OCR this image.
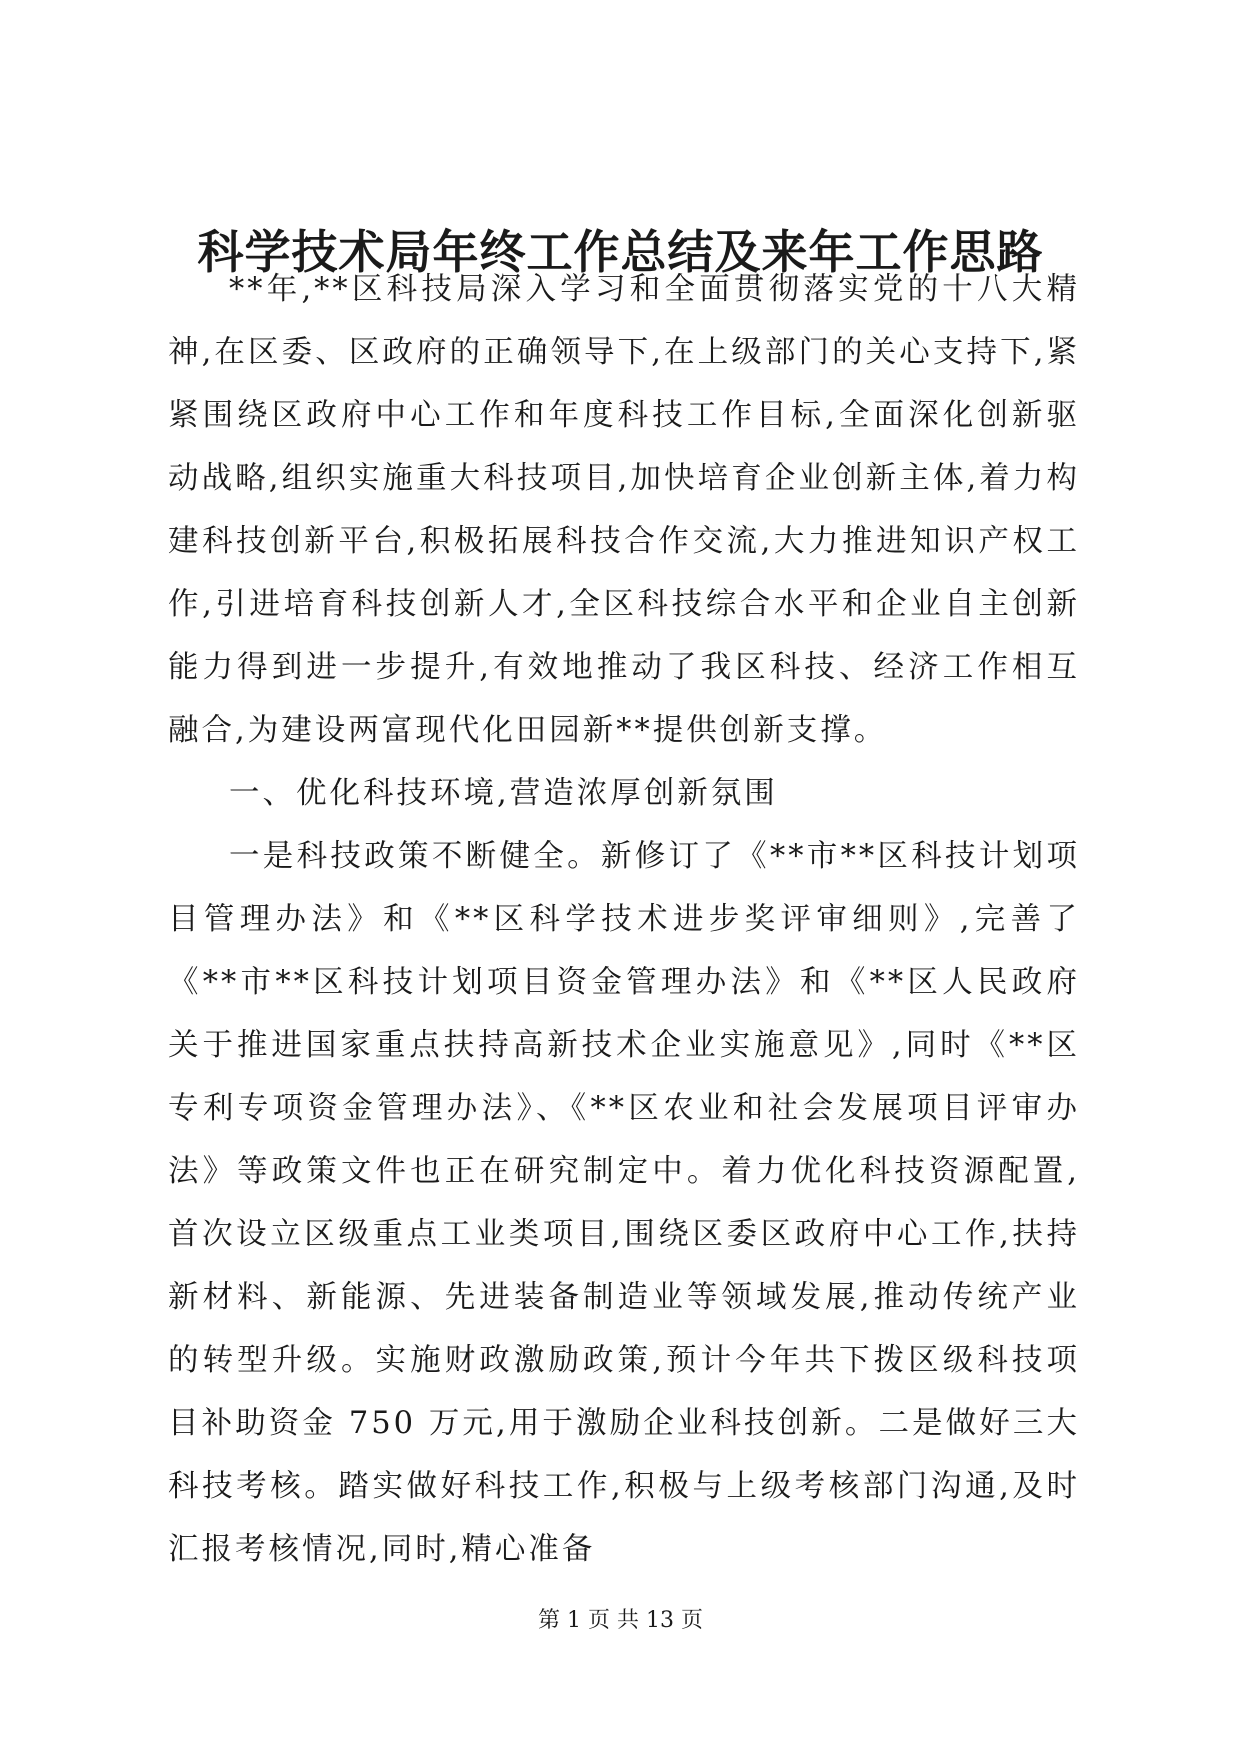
科学技术局年终工作总结及来年工作思路

**年,**区科技局深入学习和全面贯彻落实党的十八大精神,在区委、区政府的正确领导下,在上级部门的关心支持下,紧紧围绕区政府中心工作和年度科技工作目标,全面深化创新驱动战略,组织实施重大科技项目,加快培育企业创新主体,着力构建科技创新平台,积极拓展科技合作交流,大力推进知识产权工作,引进培育科技创新人才,全区科技综合水平和企业自主创新能力得到进一步提升,有效地推动了我区科技、经济工作相互融合,为建设两富现代化田园新**提供创新支撑。

一、优化科技环境,营造浓厚创新氛围

一是科技政策不断健全。新修订了《**市**区科技计划项目管理办法》和《**区科学技术进步奖评审细则》,完善了《**市**区科技计划项目资金管理办法》和《**区人民政府关于推进国家重点扶持高新技术企业实施意见》,同时《**区专利专项资金管理办法》、《**区农业和社会发展项目评审办法》等政策文件也正在研究制定中。着力优化科技资源配置,首次设立区级重点工业类项目,围绕区委区政府中心工作,扶持新材料、新能源、先进装备制造业等领域发展,推动传统产业的转型升级。实施财政激励政策,预计今年共下拨区级科技项目补助资金 750 万元,用于激励企业科技创新。二是做好三大科技考核。踏实做好科技工作,积极与上级考核部门沟通,及时汇报考核情况,同时,精心准备

第 1 页 共 13 页
